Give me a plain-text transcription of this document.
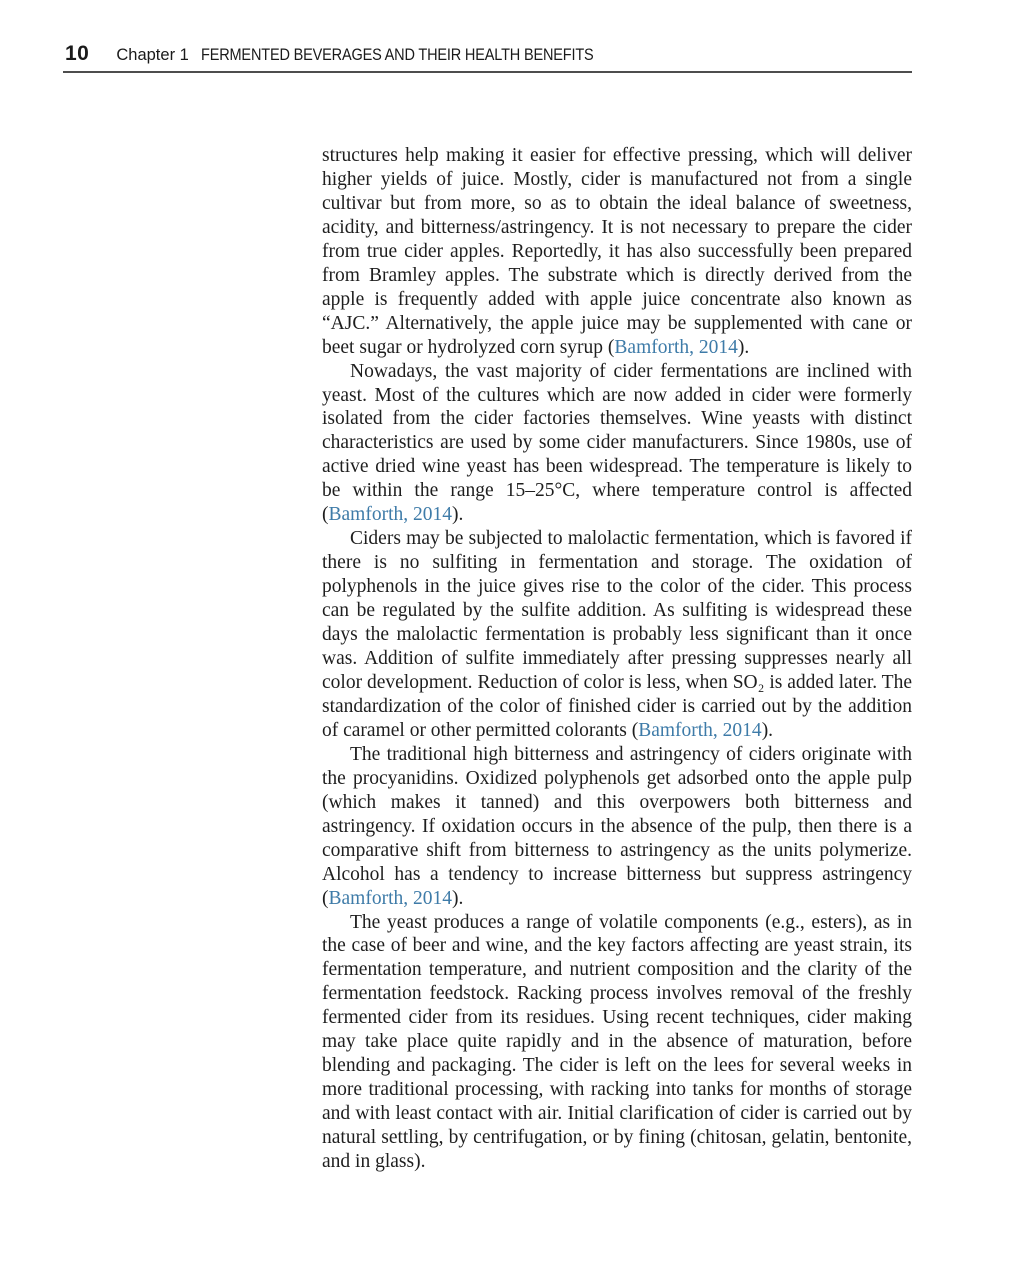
10 Chapter 1 FERMENTED BEVERAGES AND THEIR HEALTH BENEFITS

structures help making it easier for effective pressing, which will deliver higher yields of juice. Mostly, cider is manufactured not from a single cultivar but from more, so as to obtain the ideal balance of sweetness, acidity, and bitterness/astringency. It is not necessary to prepare the cider from true cider apples. Reportedly, it has also successfully been prepared from Bramley apples. The substrate which is directly derived from the apple is frequently added with apple juice concentrate also known as “AJC.” Alternatively, the apple juice may be supplemented with cane or beet sugar or hydrolyzed corn syrup (Bamforth, 2014).

Nowadays, the vast majority of cider fermentations are inclined with yeast. Most of the cultures which are now added in cider were formerly isolated from the cider factories themselves. Wine yeasts with distinct characteristics are used by some cider manufacturers. Since 1980s, use of active dried wine yeast has been widespread. The temperature is likely to be within the range 15–25°C, where temperature control is affected (Bamforth, 2014).

Ciders may be subjected to malolactic fermentation, which is favored if there is no sulfiting in fermentation and storage. The oxidation of polyphenols in the juice gives rise to the color of the cider. This process can be regulated by the sulfite addition. As sulfiting is widespread these days the malolactic fermentation is probably less significant than it once was. Addition of sulfite immediately after pressing suppresses nearly all color development. Reduction of color is less, when SO₂ is added later. The standardization of the color of finished cider is carried out by the addition of caramel or other permitted colorants (Bamforth, 2014).

The traditional high bitterness and astringency of ciders originate with the procyanidins. Oxidized polyphenols get adsorbed onto the apple pulp (which makes it tanned) and this overpowers both bitterness and astringency. If oxidation occurs in the absence of the pulp, then there is a comparative shift from bitterness to astringency as the units polymerize. Alcohol has a tendency to increase bitterness but suppress astringency (Bamforth, 2014).

The yeast produces a range of volatile components (e.g., esters), as in the case of beer and wine, and the key factors affecting are yeast strain, its fermentation temperature, and nutrient composition and the clarity of the fermentation feedstock. Racking process involves removal of the freshly fermented cider from its residues. Using recent techniques, cider making may take place quite rapidly and in the absence of maturation, before blending and packaging. The cider is left on the lees for several weeks in more traditional processing, with racking into tanks for months of storage and with least contact with air. Initial clarification of cider is carried out by natural settling, by centrifugation, or by fining (chitosan, gelatin, bentonite, and in glass).
